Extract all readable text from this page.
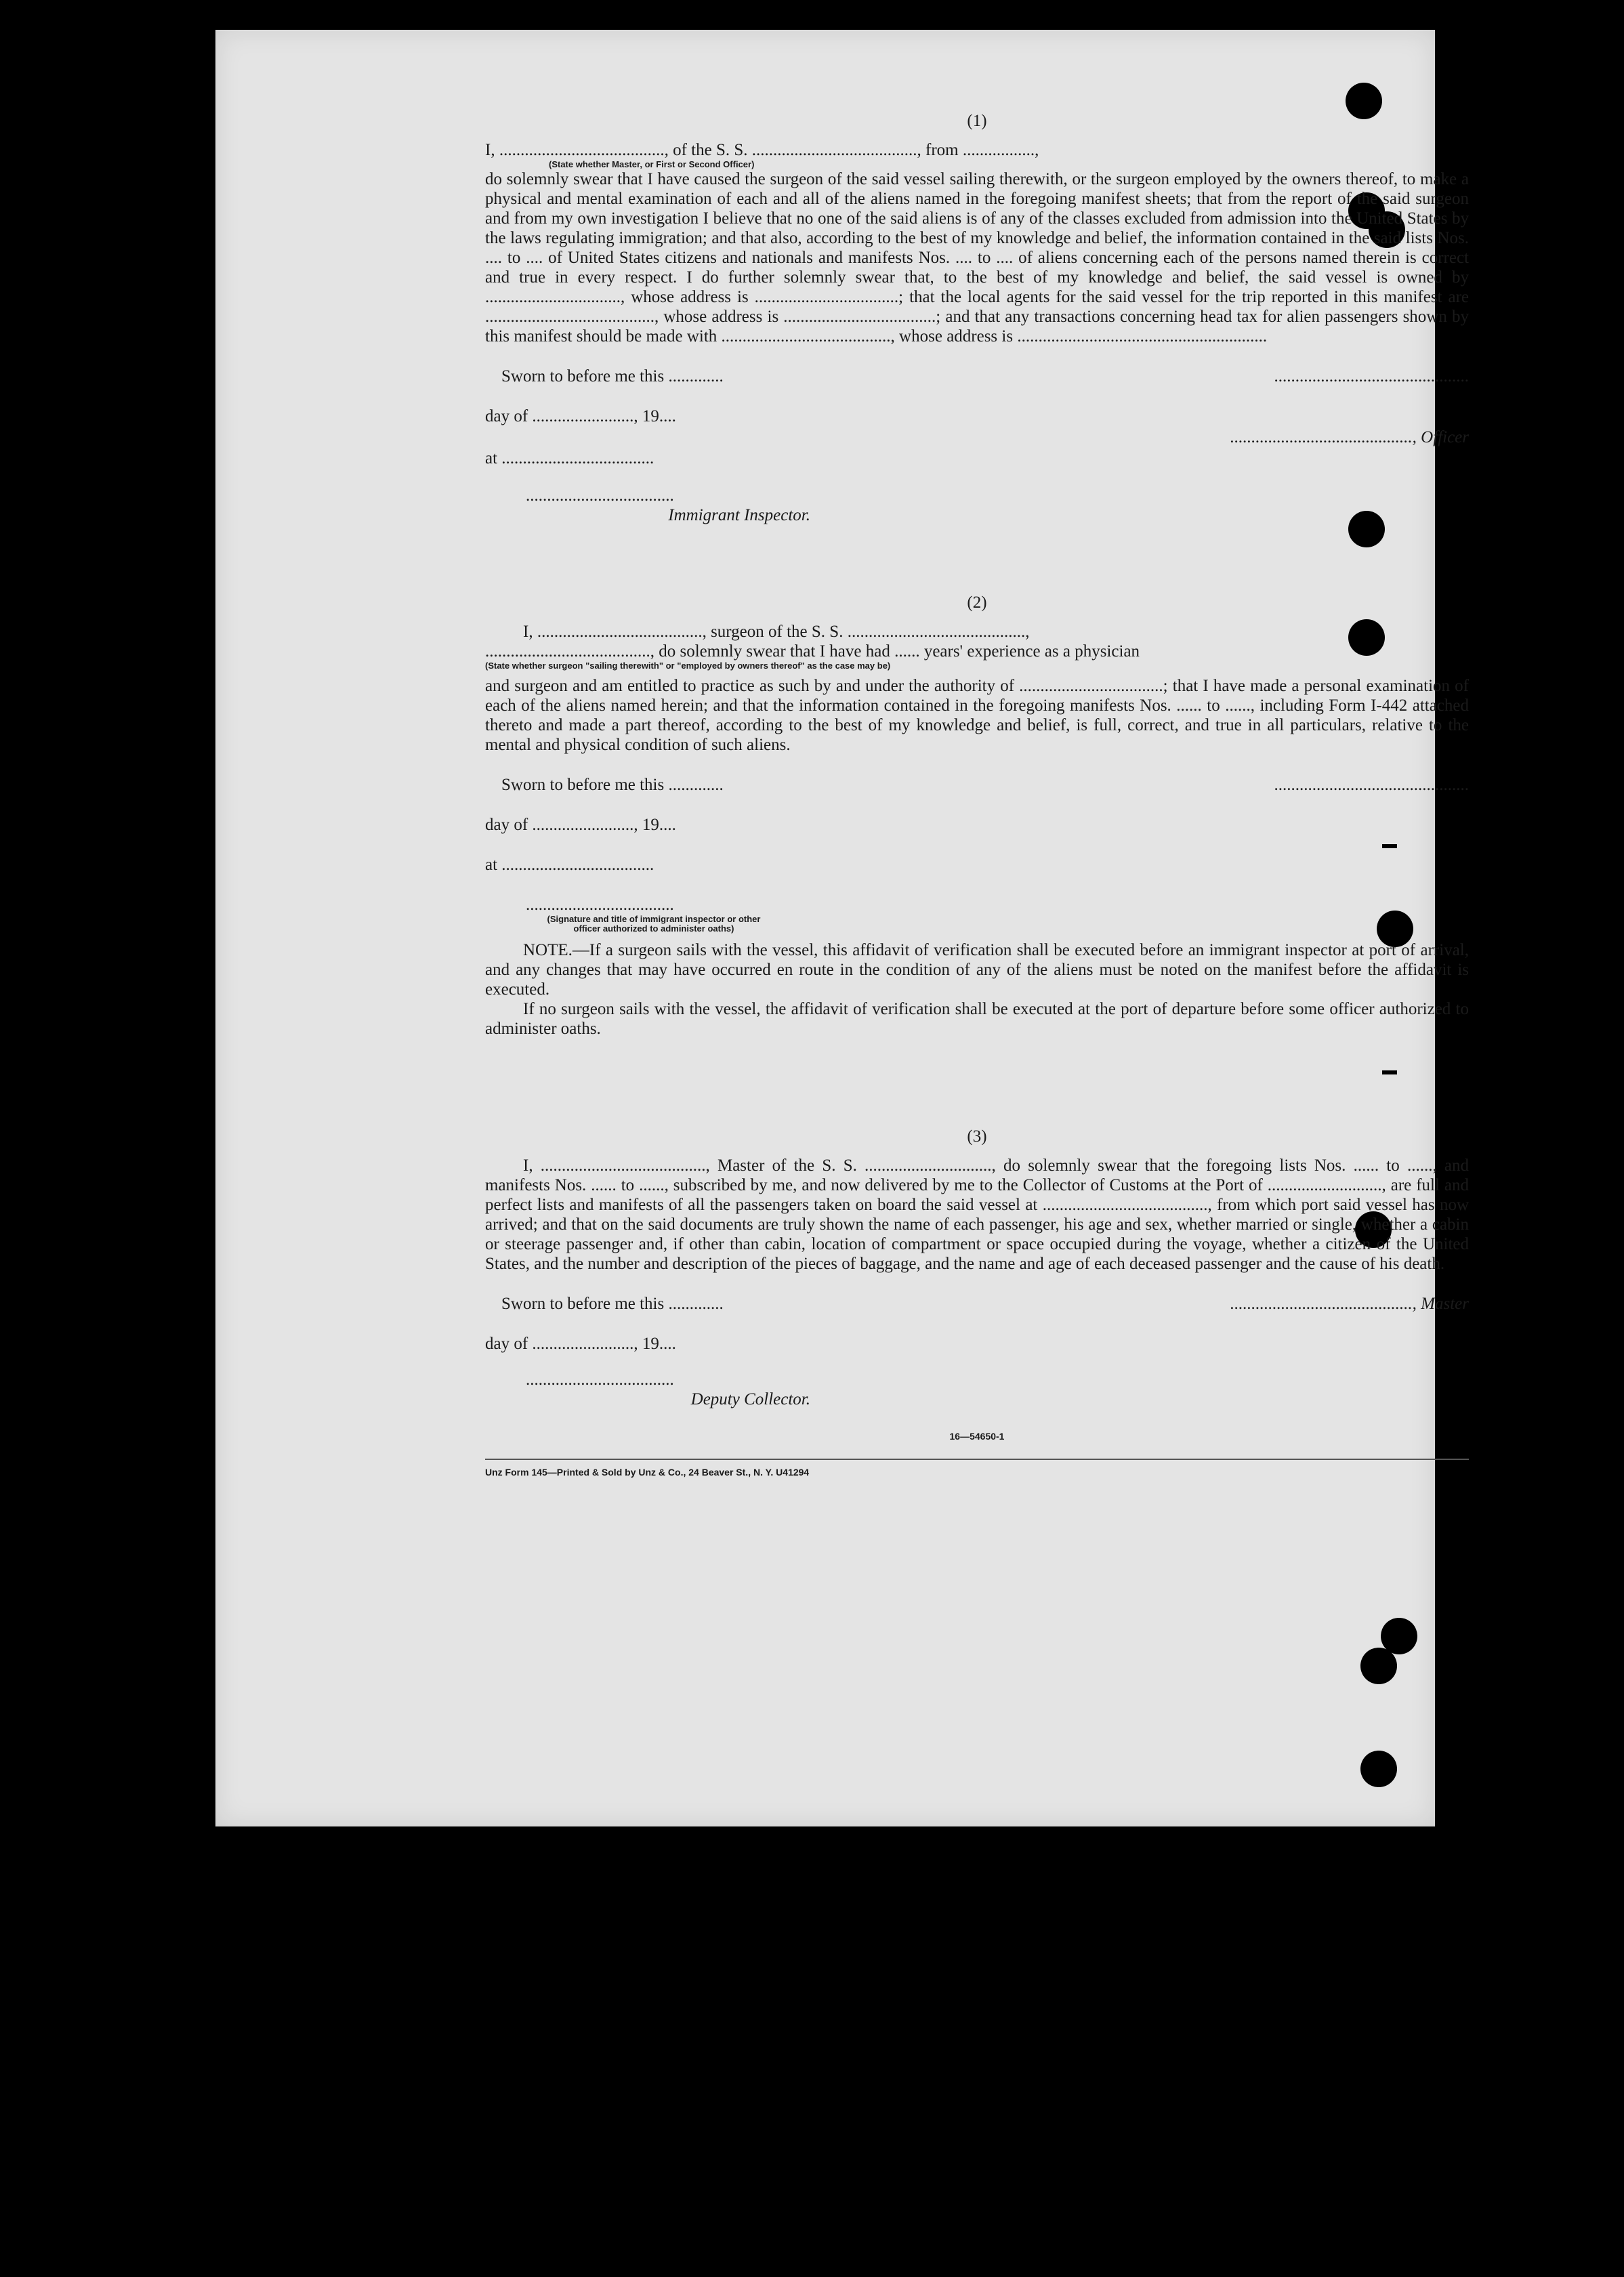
(1)
I, ......................................., of the S. S. ......................................., from .................,
(State whether Master, or First or Second Officer)

do solemnly swear that I have caused the surgeon of the said vessel sailing therewith, or the surgeon employed by the owners thereof, to make a physical and mental examination of each and all of the aliens named in the foregoing manifest sheets; that from the report of the said surgeon and from my own investigation I believe that no one of the said aliens is of any of the classes excluded from admission into the United States by the laws regulating immigration; and that also, according to the best of my knowledge and belief, the information contained in the said lists Nos. .... to .... of United States citizens and nationals and manifests Nos. .... to .... of aliens concerning each of the persons named therein is correct and true in every respect. I do further solemnly swear that, to the best of my knowledge and belief, the said vessel is owned by ................................, whose address is ..................................; that the local agents for the said vessel for the trip reported in this manifest are ........................................, whose address is ....................................; and that any transactions concerning head tax for alien passengers shown by this manifest should be made with ........................................, whose address is ...........................................................

Sworn to before me this .............	..............................................
day of ........................, 19....
..........................................., Officer
at ....................................
...................................
Immigrant Inspector.
(2)
I, ......................................., surgeon of the S. S. ..........................................,
......................................., do solemnly swear that I have had ...... years' experience as a physician
(State whether surgeon "sailing therewith" or "employed by owners thereof" as the case may be)

and surgeon and am entitled to practice as such by and under the authority of ..................................; that I have made a personal examination of each of the aliens named herein; and that the information contained in the foregoing manifests Nos. ...... to ......, including Form I-442 attached thereto and made a part thereof, according to the best of my knowledge and belief, is full, correct, and true in all particulars, relative to the mental and physical condition of such aliens.

Sworn to before me this .............	..............................................
day of ........................, 19....
at ....................................
...................................
(Signature and title of immigrant inspector or other officer authorized to administer oaths)

NOTE.—If a surgeon sails with the vessel, this affidavit of verification shall be executed before an immigrant inspector at port of arrival, and any changes that may have occurred en route in the condition of any of the aliens must be noted on the manifest before the affidavit is executed.

If no surgeon sails with the vessel, the affidavit of verification shall be executed at the port of departure before some officer authorized to administer oaths.

(3)

I, ......................................., Master of the S. S. .............................., do solemnly swear that the foregoing lists Nos. ...... to ......, and manifests Nos. ...... to ......, subscribed by me, and now delivered by me to the Collector of Customs at the Port of ..........................., are full and perfect lists and manifests of all the passengers taken on board the said vessel at ......................................., from which port said vessel has now arrived; and that on the said documents are truly shown the name of each passenger, his age and sex, whether married or single, whether a cabin or steerage passenger and, if other than cabin, location of compartment or space occupied during the voyage, whether a citizen of the United States, and the number and description of the pieces of baggage, and the name and age of each deceased passenger and the cause of his death.

Sworn to before me this .............	..........................................., Master
day of ........................, 19....
...................................
Deputy Collector.
16—54650-1
Unz Form 145—Printed & Sold by Unz & Co., 24 Beaver St., N. Y. U41294
